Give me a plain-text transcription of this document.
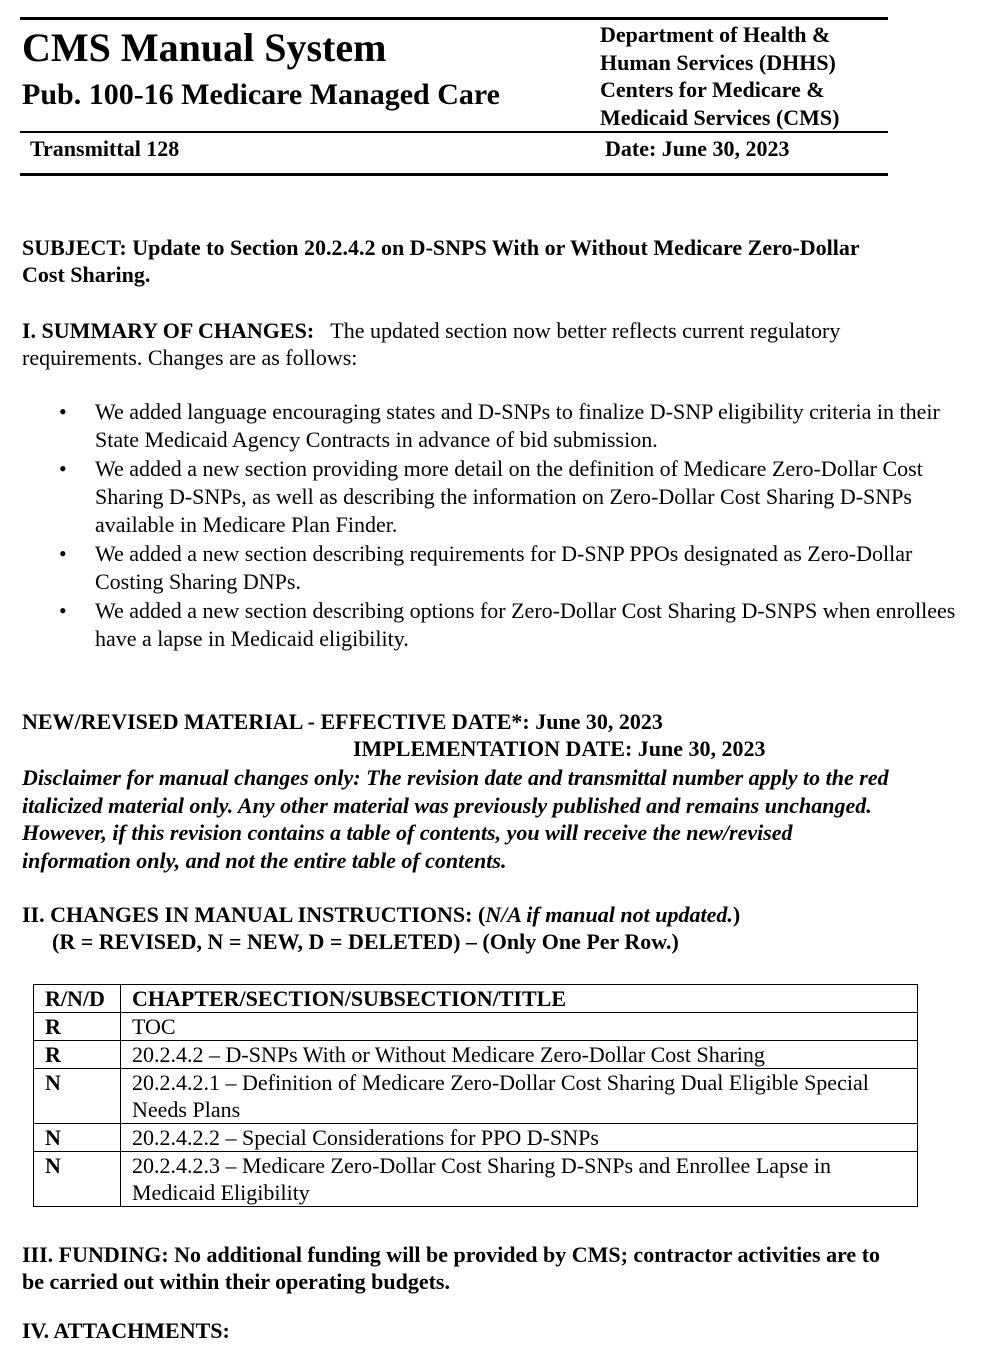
CMS Manual System
Pub. 100-16 Medicare Managed Care
Department of Health &
Human Services (DHHS)
Centers for Medicare &
Medicaid Services (CMS)
Transmittal 128	Date: June 30, 2023
SUBJECT: Update to Section 20.2.4.2 on D-SNPS With or Without Medicare Zero-Dollar
Cost Sharing.
I. SUMMARY OF CHANGES: The updated section now better reflects current regulatory
requirements. Changes are as follows:
• We added language encouraging states and D-SNPs to finalize D-SNP eligibility criteria in their State Medicaid Agency Contracts in advance of bid submission.
• We added a new section providing more detail on the definition of Medicare Zero-Dollar Cost Sharing D-SNPs, as well as describing the information on Zero-Dollar Cost Sharing D-SNPs available in Medicare Plan Finder.
• We added a new section describing requirements for D-SNP PPOs designated as Zero-Dollar Costing Sharing DNPs.
• We added a new section describing options for Zero-Dollar Cost Sharing D-SNPS when enrollees have a lapse in Medicaid eligibility.
NEW/REVISED MATERIAL - EFFECTIVE DATE*: June 30, 2023
IMPLEMENTATION DATE: June 30, 2023
Disclaimer for manual changes only: The revision date and transmittal number apply to the red
italicized material only. Any other material was previously published and remains unchanged.
However, if this revision contains a table of contents, you will receive the new/revised
information only, and not the entire table of contents.
II. CHANGES IN MANUAL INSTRUCTIONS: (N/A if manual not updated.)
(R = REVISED, N = NEW, D = DELETED) – (Only One Per Row.)
R/N/D	CHAPTER/SECTION/SUBSECTION/TITLE
R	TOC
R	20.2.4.2 – D-SNPs With or Without Medicare Zero-Dollar Cost Sharing
N	20.2.4.2.1 – Definition of Medicare Zero-Dollar Cost Sharing Dual Eligible Special Needs Plans
N	20.2.4.2.2 – Special Considerations for PPO D-SNPs
N	20.2.4.2.3 – Medicare Zero-Dollar Cost Sharing D-SNPs and Enrollee Lapse in Medicaid Eligibility
III. FUNDING: No additional funding will be provided by CMS; contractor activities are to
be carried out within their operating budgets.
IV. ATTACHMENTS:
